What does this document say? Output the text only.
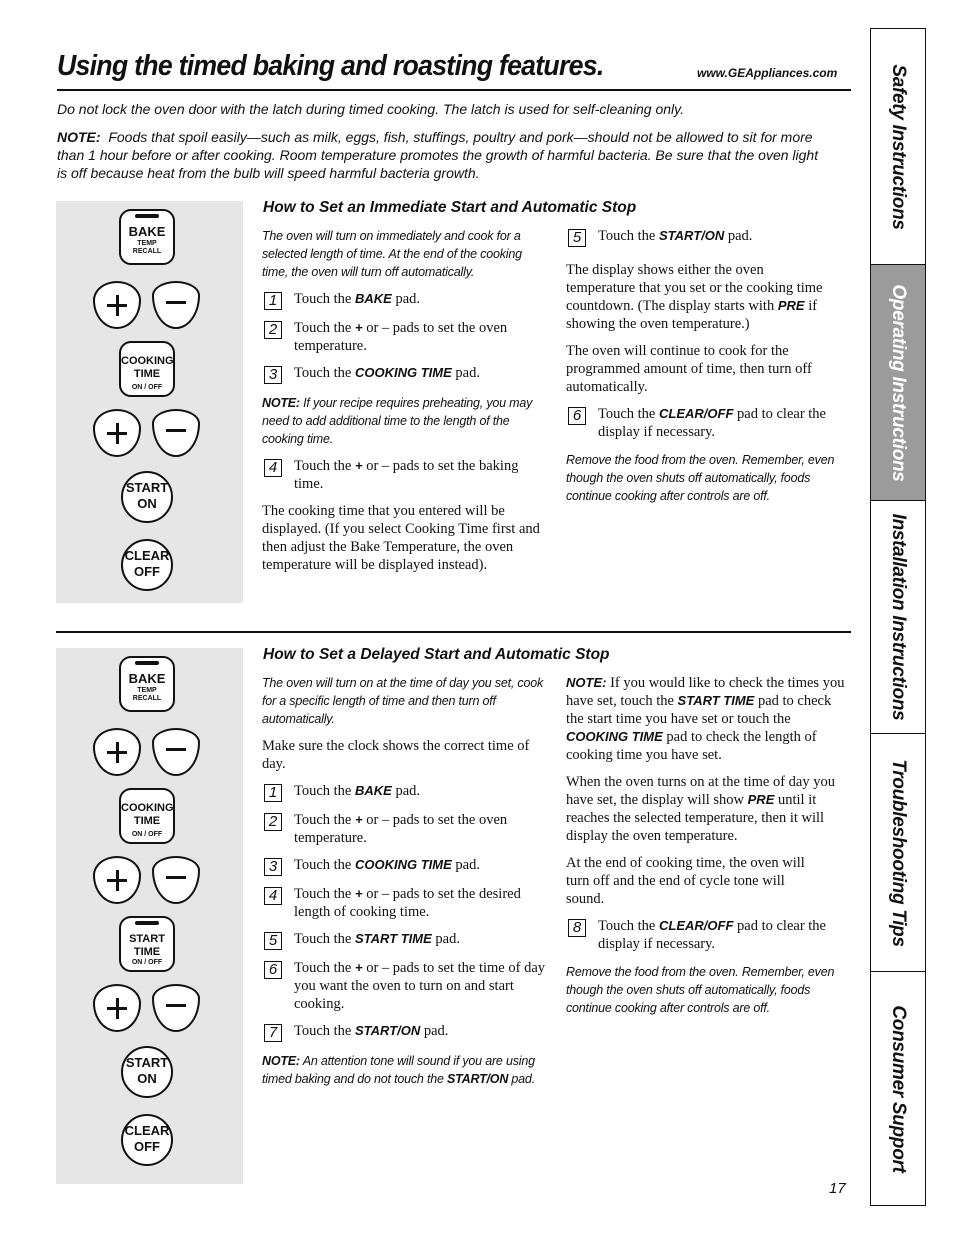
Using the timed baking and roasting features.	www.GEAppliances.com
Do not lock the oven door with the latch during timed cooking. The latch is used for self-cleaning only.
NOTE: Foods that spoil easily—such as milk, eggs, fish, stuffings, poultry and pork—should not be allowed to sit for more than 1 hour before or after cooking. Room temperature promotes the growth of harmful bacteria. Be sure that the oven light is off because heat from the bulb will speed harmful bacteria growth.
BAKE
TEMP RECALL
COOKING
TIME
ON / OFF
START
ON
CLEAR
OFF
How to Set an Immediate Start and Automatic Stop

The oven will turn on immediately and cook for a selected length of time. At the end of the cooking time, the oven will turn off automatically.

1	Touch the BAKE pad.
2	Touch the + or – pads to set the oven temperature.
3	Touch the COOKING TIME pad.

NOTE: If your recipe requires preheating, you may need to add additional time to the length of the cooking time.

4	Touch the + or – pads to set the baking time.

The cooking time that you entered will be displayed. (If you select Cooking Time first and then adjust the Bake Temperature, the oven temperature will be displayed instead).

5	Touch the START/ON pad.

The display shows either the oven temperature that you set or the cooking time countdown. (The display starts with PRE if showing the oven temperature.)

The oven will continue to cook for the programmed amount of time, then turn off automatically.

6	Touch the CLEAR/OFF pad to clear the display if necessary.

Remove the food from the oven. Remember, even though the oven shuts off automatically, foods continue cooking after controls are off.

BAKE
TEMP RECALL
COOKING
TIME
ON / OFF
START
TIME
ON / OFF
START
ON
CLEAR
OFF
How to Set a Delayed Start and Automatic Stop

The oven will turn on at the time of day you set, cook for a specific length of time and then turn off automatically.

Make sure the clock shows the correct time of day.

1	Touch the BAKE pad.
2	Touch the + or – pads to set the oven temperature.
3	Touch the COOKING TIME pad.
4	Touch the + or – pads to set the desired length of cooking time.
5	Touch the START TIME pad.
6	Touch the + or – pads to set the time of day you want the oven to turn on and start cooking.
7	Touch the START/ON pad.

NOTE: An attention tone will sound if you are using timed baking and do not touch the START/ON pad.

NOTE: If you would like to check the times you have set, touch the START TIME pad to check the start time you have set or touch the COOKING TIME pad to check the length of cooking time you have set.

When the oven turns on at the time of day you have set, the display will show PRE until it reaches the selected temperature, then it will display the oven temperature.

At the end of cooking time, the oven will turn off and the end of cycle tone will sound.

8	Touch the CLEAR/OFF pad to clear the display if necessary.

Remove the food from the oven. Remember, even though the oven shuts off automatically, foods continue cooking after controls are off.

Safety Instructions
Operating Instructions
Installation Instructions
Troubleshooting Tips
Consumer Support
17
